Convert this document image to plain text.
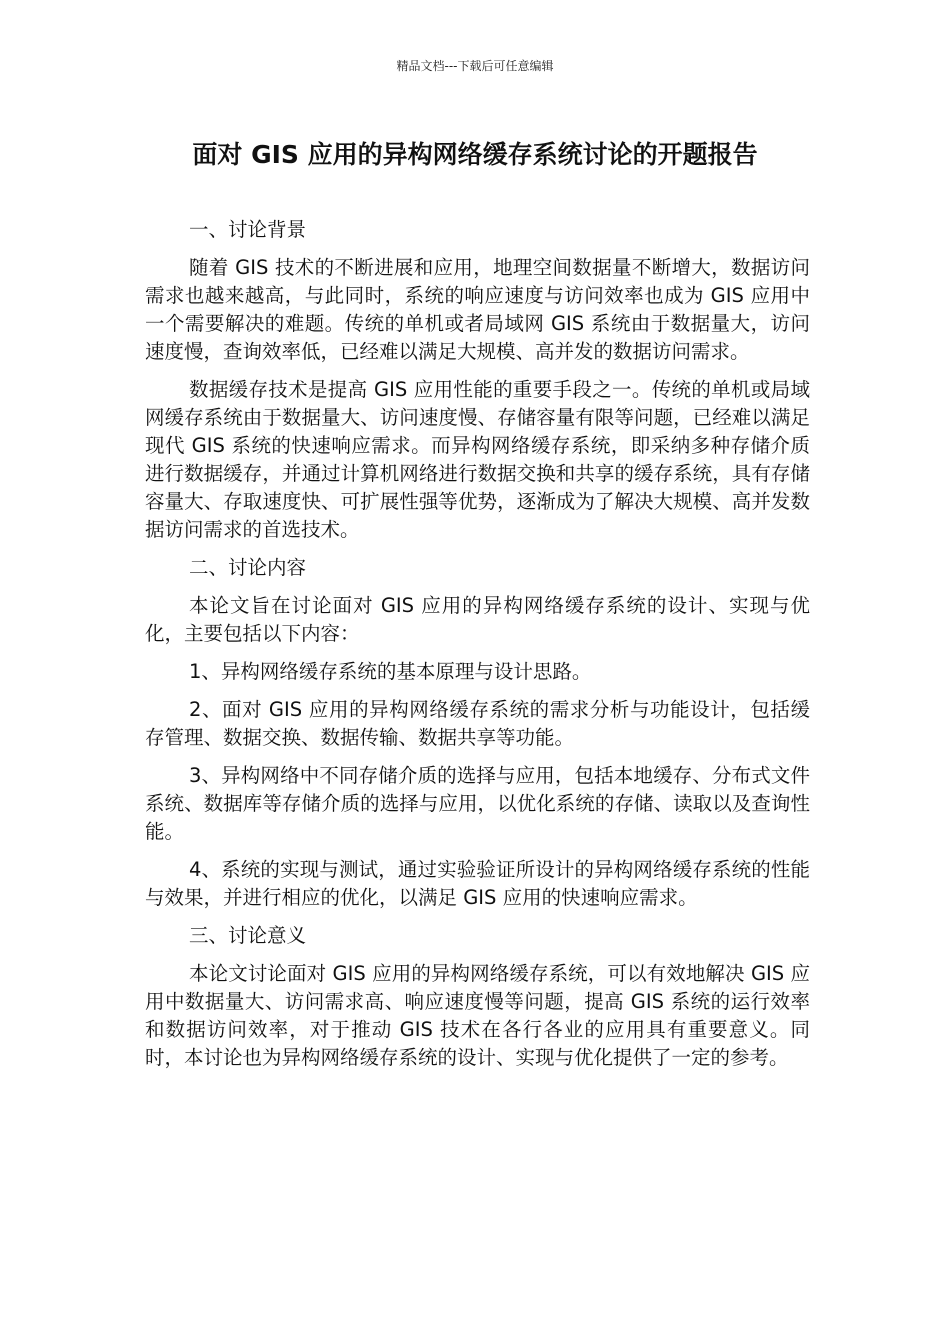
精品文档---下载后可任意编辑
面对 GIS 应用的异构网络缓存系统讨论的开题报告

一、讨论背景

随着 GIS 技术的不断进展和应用，地理空间数据量不断增大，数据访问需求也越来越高，与此同时，系统的响应速度与访问效率也成为 GIS 应用中一个需要解决的难题。传统的单机或者局域网 GIS 系统由于数据量大，访问速度慢，查询效率低，已经难以满足大规模、高并发的数据访问需求。

数据缓存技术是提高 GIS 应用性能的重要手段之一。传统的单机或局域网缓存系统由于数据量大、访问速度慢、存储容量有限等问题，已经难以满足现代 GIS 系统的快速响应需求。而异构网络缓存系统，即采纳多种存储介质进行数据缓存，并通过计算机网络进行数据交换和共享的缓存系统，具有存储容量大、存取速度快、可扩展性强等优势，逐渐成为了解决大规模、高并发数据访问需求的首选技术。

二、讨论内容

本论文旨在讨论面对 GIS 应用的异构网络缓存系统的设计、实现与优化，主要包括以下内容：

1、异构网络缓存系统的基本原理与设计思路。

2、面对 GIS 应用的异构网络缓存系统的需求分析与功能设计，包括缓存管理、数据交换、数据传输、数据共享等功能。

3、异构网络中不同存储介质的选择与应用，包括本地缓存、分布式文件系统、数据库等存储介质的选择与应用，以优化系统的存储、读取以及查询性能。

4、系统的实现与测试，通过实验验证所设计的异构网络缓存系统的性能与效果，并进行相应的优化，以满足 GIS 应用的快速响应需求。

三、讨论意义

本论文讨论面对 GIS 应用的异构网络缓存系统，可以有效地解决 GIS 应用中数据量大、访问需求高、响应速度慢等问题，提高 GIS 系统的运行效率和数据访问效率，对于推动 GIS 技术在各行各业的应用具有重要意义。同时，本讨论也为异构网络缓存系统的设计、实现与优化提供了一定的参考。
